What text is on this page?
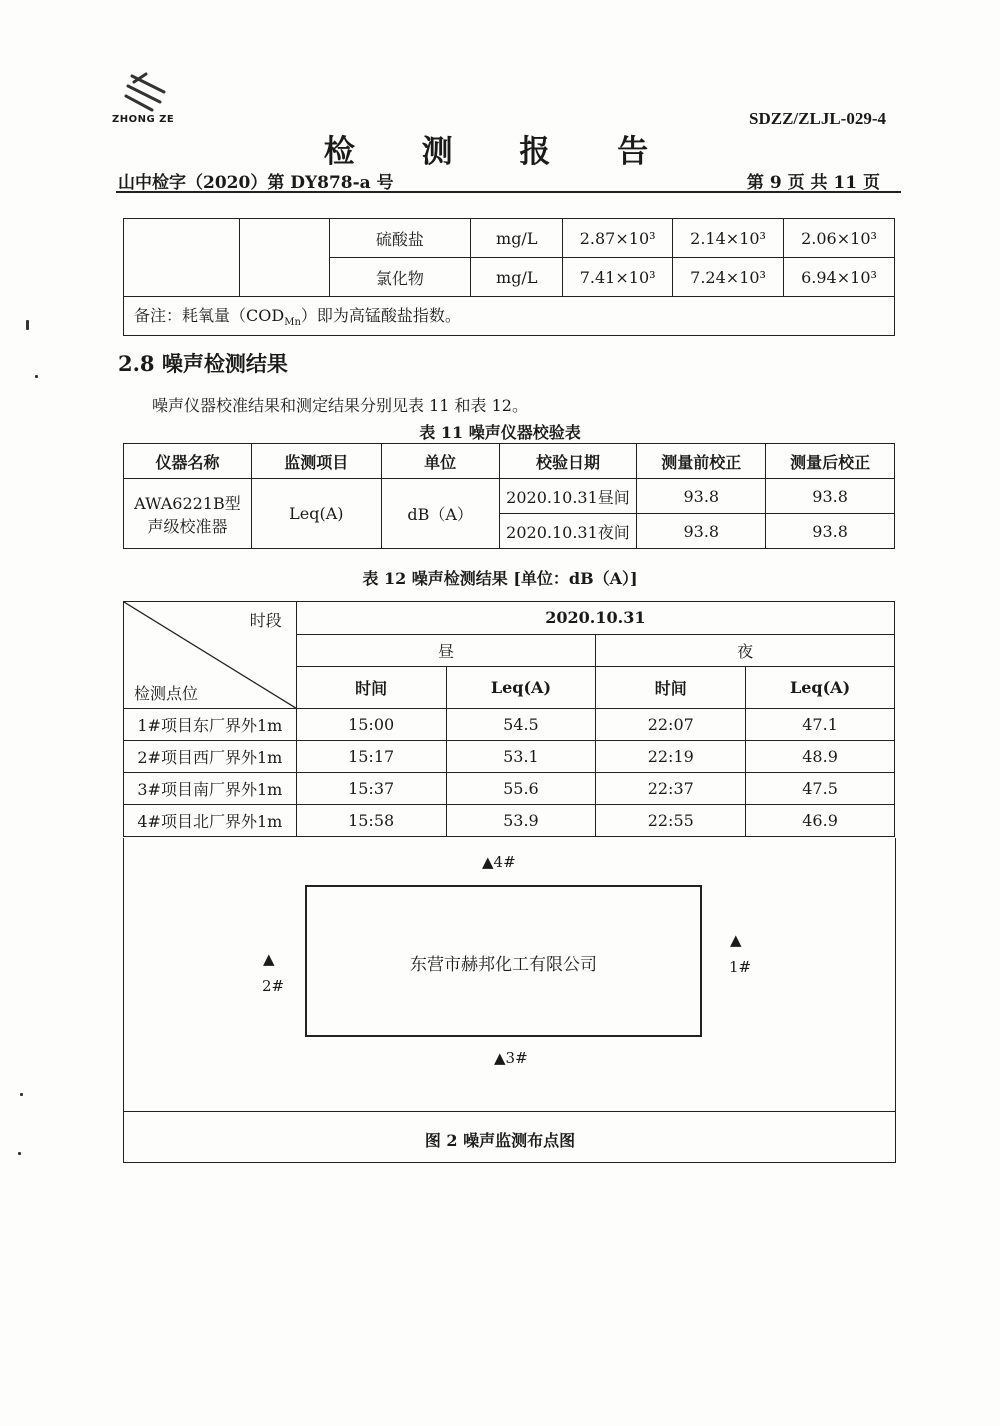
ZHONG ZE	SDZZ/ZLJL-029-4
检 测 报 告
山中检字（2020）第 DY878-a 号	第 9 页 共 11 页
		硫酸盐	mg/L	2.87×10³	2.14×10³	2.06×10³
		氯化物	mg/L	7.41×10³	7.24×10³	6.94×10³
备注：耗氧量$(COD_{Mn})$即为高锰酸盐指数。						
2.8 噪声检测结果
噪声仪器校准结果和测定结果分别见表 11 和表 12。
表 11 噪声仪器校验表
仪器名称	监测项目	单位	校验日期	测量前校正	测量后校正

AWA6221B型
声级校准器	Leq(A)	dB（A）	2020.10.31昼间	93.8	93.8
			2020.10.31夜间	93.8	93.8
表 12 噪声检测结果 [单位：dB（A）]
时段
检测点位	2020.10.31			
	昼		夜	
	时间	Leq(A)	时间	Leq(A)
1#项目东厂界外1m	15:00	54.5	22:07	47.1
2#项目西厂界外1m	15:17	53.1	22:19	48.9
3#项目南厂界外1m	15:37	55.6	22:37	47.5
4#项目北厂界外1m	15:58	53.9	22:55	46.9
东营市赫邦化工有限公司
▲4#
▲3#
▲
2#
▲
1#
图 2 噪声监测布点图
